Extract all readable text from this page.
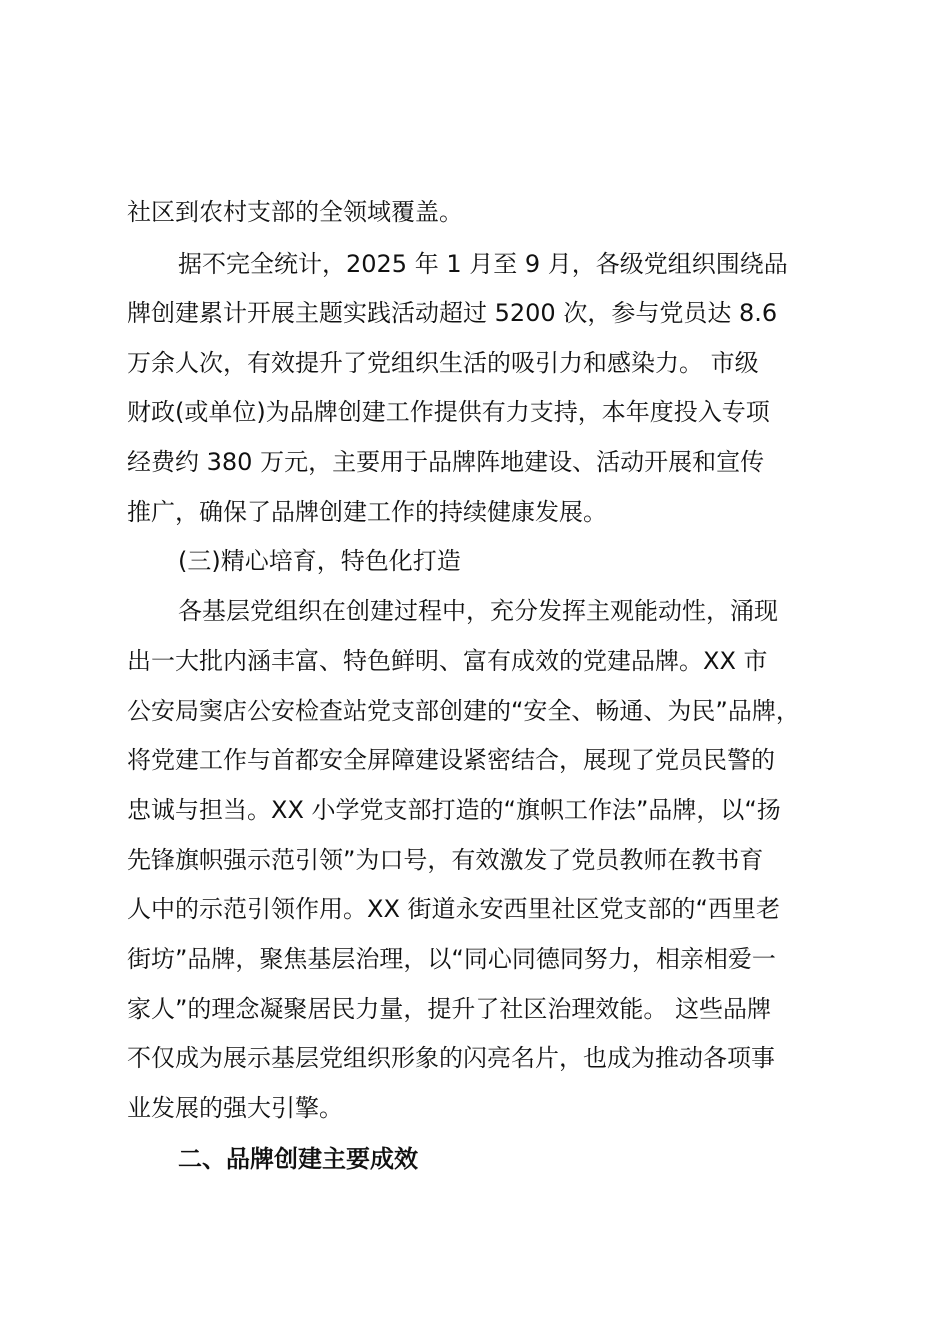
社区到农村支部的全领域覆盖。
据不完全统计，2025 年 1 月至 9 月，各级党组织围绕品
牌创建累计开展主题实践活动超过 5200 次，参与党员达 8.6
万余人次，有效提升了党组织生活的吸引力和感染力。 市级
财政(或单位)为品牌创建工作提供有力支持，本年度投入专项
经费约 380 万元，主要用于品牌阵地建设、活动开展和宣传
推广，确保了品牌创建工作的持续健康发展。
(三)精心培育，特色化打造
各基层党组织在创建过程中，充分发挥主观能动性，涌现
出一大批内涵丰富、特色鲜明、富有成效的党建品牌。XX 市
公安局窦店公安检查站党支部创建的“安全、畅通、为民”品牌，
将党建工作与首都安全屏障建设紧密结合，展现了党员民警的
忠诚与担当。XX 小学党支部打造的“旗帜工作法”品牌，以“扬
先锋旗帜强示范引领”为口号，有效激发了党员教师在教书育
人中的示范引领作用。XX 街道永安西里社区党支部的“西里老
街坊”品牌，聚焦基层治理，以“同心同德同努力，相亲相爱一
家人”的理念凝聚居民力量，提升了社区治理效能。 这些品牌
不仅成为展示基层党组织形象的闪亮名片，也成为推动各项事
业发展的强大引擎。
二、品牌创建主要成效
